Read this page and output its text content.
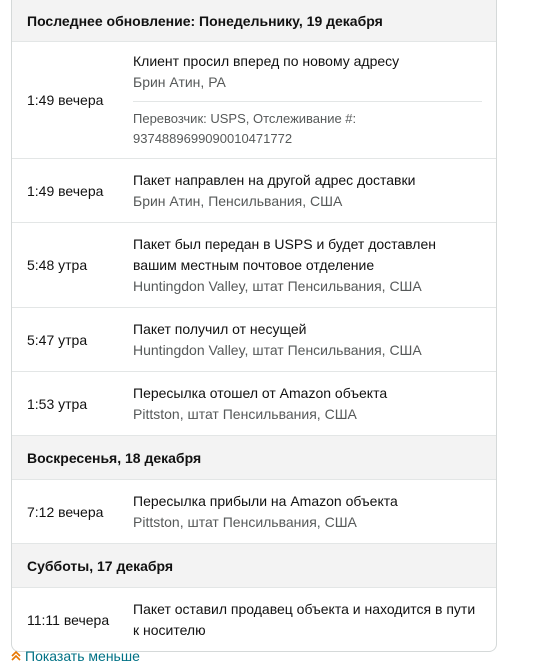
Последнее обновление: Понедельнику, 19 декабря
1:49 вечера
Клиент просил вперед по новому адресу
Брин Атин, PA
Перевозчик: USPS, Отслеживание #:
9374889699090010471772
1:49 вечера
Пакет направлен на другой адрес доставки
Брин Атин, Пенсильвания, США
5:48 утра
Пакет был передан в USPS и будет доставлен
вашим местным почтовое отделение
Huntingdon Valley, штат Пенсильвания, США
5:47 утра
Пакет получил от несущей
Huntingdon Valley, штат Пенсильвания, США
1:53 утра
Пересылка отошел от Amazon объекта
Pittston, штат Пенсильвания, США
Воскресенья, 18 декабря
7:12 вечера
Пересылка прибыли на Amazon объекта
Pittston, штат Пенсильвания, США
Субботы, 17 декабря
11:11 вечера
Пакет оставил продавец объекта и находится в пути
к носителю
Показать меньше
